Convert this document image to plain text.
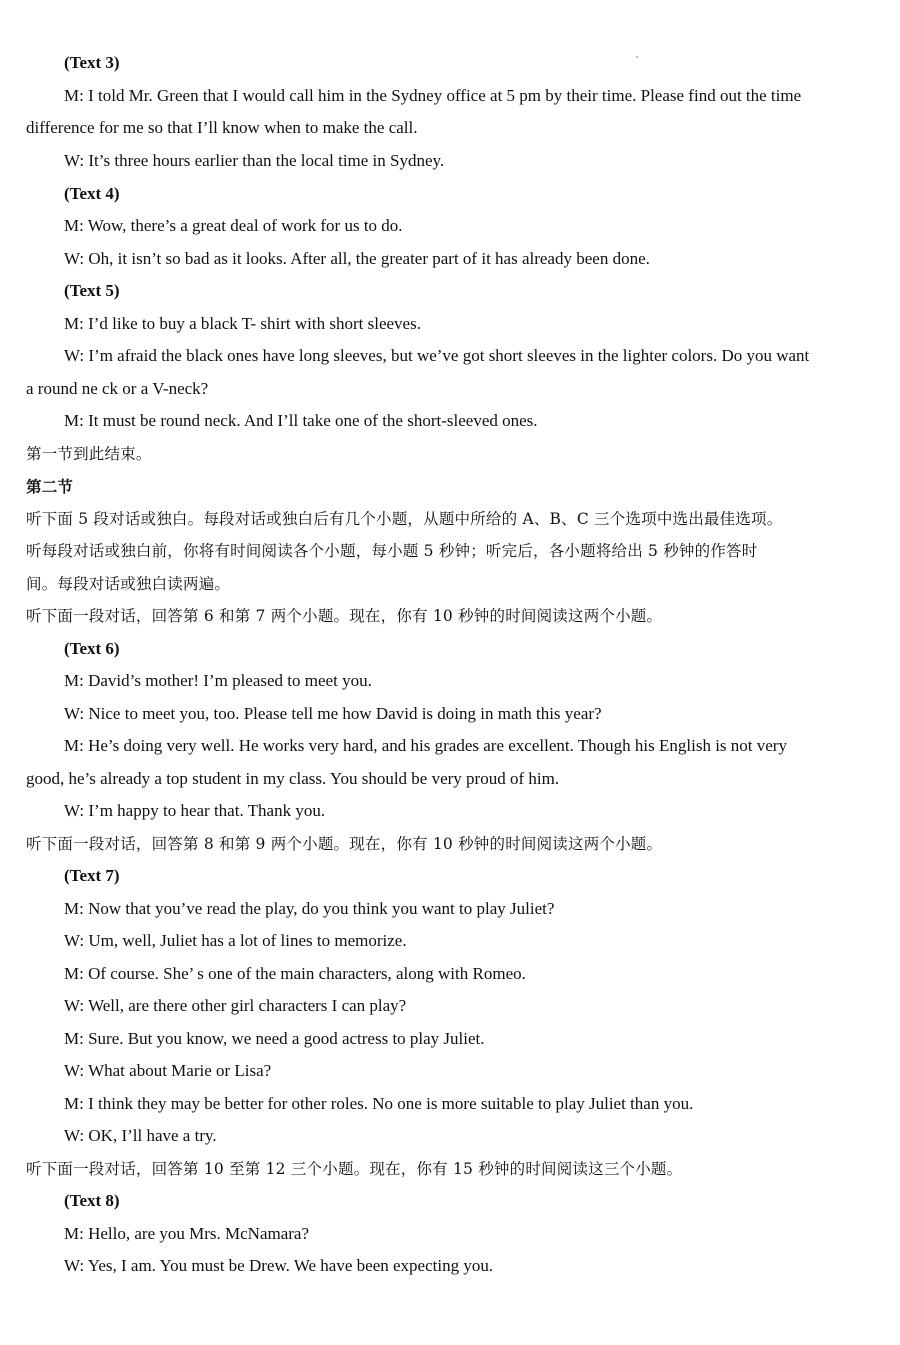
(Text 3)
M: I told Mr. Green that I would call him in the Sydney office at 5 pm by their time. Please find out the time
difference for me so that I’ll know when to make the call.
W: It’s three hours earlier than the local time in Sydney.
(Text 4)
M: Wow, there’s a great deal of work for us to do.
W: Oh, it isn’t so bad as it looks. After all, the greater part of it has already been done.
(Text 5)
M: I’d like to buy a black T- shirt with short sleeves.
W: I’m afraid the black ones have long sleeves, but we’ve got short sleeves in the lighter colors. Do you want
a round ne ck or a V-neck?
M: It must be round neck. And I’ll take one of the short-sleeved ones.
第一节到此结束。
第二节
听下面 5 段对话或独白。每段对话或独白后有几个小题，从题中所给的 A、B、C 三个选项中选出最佳选项。
听每段对话或独白前，你将有时间阅读各个小题，每小题 5 秒钟；听完后，各小题将给出 5 秒钟的作答时
间。每段对话或独白读两遍。
听下面一段对话，回答第 6 和第 7 两个小题。现在，你有 10 秒钟的时间阅读这两个小题。
(Text 6)
M: David’s mother! I’m pleased to meet you.
W: Nice to meet you, too. Please tell me how David is doing in math this year?
M: He’s doing very well. He works very hard, and his grades are excellent. Though his English is not very
good, he’s already a top student in my class. You should be very proud of him.
W: I’m happy to hear that. Thank you.
听下面一段对话，回答第 8 和第 9 两个小题。现在，你有 10 秒钟的时间阅读这两个小题。
(Text 7)
M: Now that you’ve read the play, do you think you want to play Juliet?
W: Um, well, Juliet has a lot of lines to memorize.
M: Of course. She’ s one of the main characters, along with Romeo.
W: Well, are there other girl characters I can play?
M: Sure. But you know, we need a good actress to play Juliet.
W: What about Marie or Lisa?
M: I think they may be better for other roles. No one is more suitable to play Juliet than you.
W: OK, I’ll have a try.
听下面一段对话，回答第 10 至第 12 三个小题。现在，你有 15 秒钟的时间阅读这三个小题。
(Text 8)
M: Hello, are you Mrs. McNamara?
W: Yes, I am. You must be Drew. We have been expecting you.
